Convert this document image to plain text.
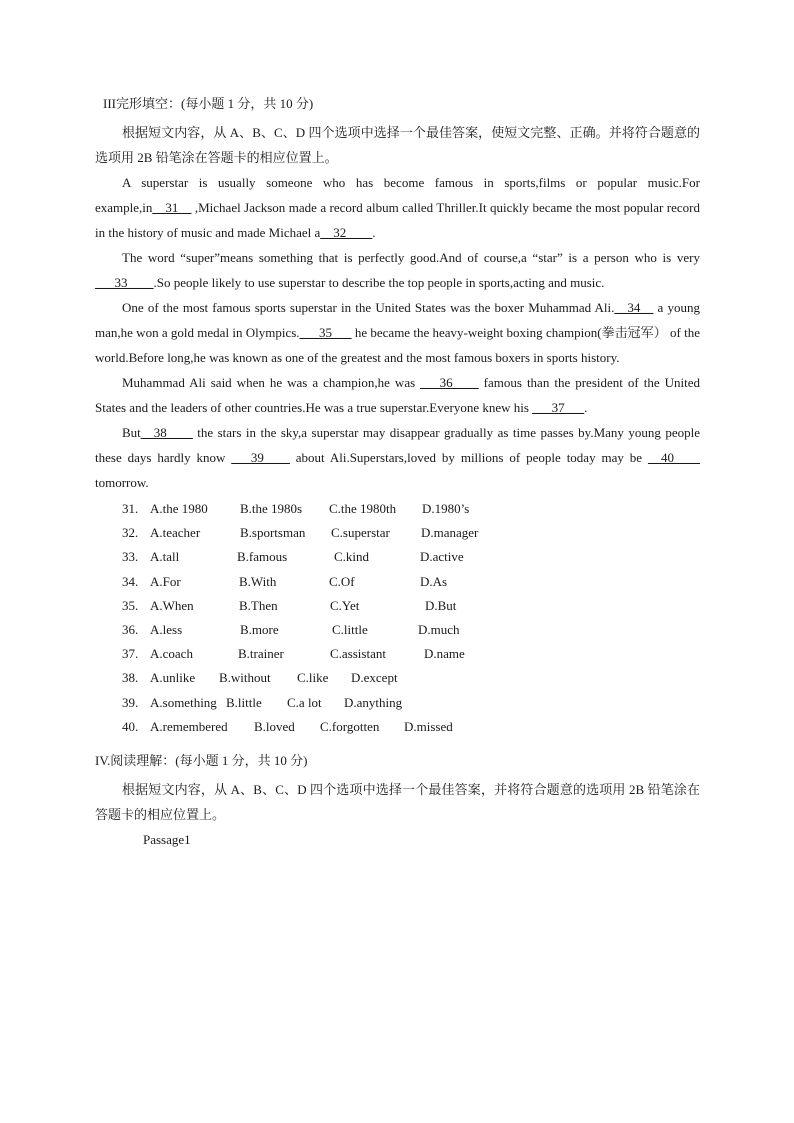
III完形填空：(每小题 1 分，共 10 分)

根据短文内容，从 A、B、C、D 四个选项中选择一个最佳答案，使短文完整、正确。并将符合题意的选项用 2B 铅笔涂在答题卡的相应位置上。

A superstar is usually someone who has become famous in sports,films or popular music.For example,in__31__ ,Michael Jackson made a record album called Thriller.It quickly became the most popular record in the history of music and made Michael a__32____.

The word “super”means something that is perfectly good.And of course,a “star” is a person who is very ___33____.So people likely to use superstar to describe the top people in sports,acting and music.

One of the most famous sports superstar in the United States was the boxer Muhammad Ali.__34__ a young man,he won a gold medal in Olympics.___35___ he became the heavy-weight boxing champion(拳击冠军） of the world.Before long,he was known as one of the greatest and the most famous boxers in sports history.

Muhammad Ali said when he was a champion,he was ___36____ famous than the president of the United States and the leaders of other countries.He was a true superstar.Everyone knew his ___37___.

But__38____ the stars in the sky,a superstar may disappear gradually as time passes by.Many young people these days hardly know ___39____ about Ali.Superstars,loved by millions of people today may be __40____ tomorrow.

31. A.the 1980	B.the 1980s	C.the 1980th	D.1980’s
32. A.teacher	B.sportsman	C.superstar	D.manager
33. A.tall	B.famous	C.kind	D.active
34. A.For	B.With	C.Of	D.As
35. A.When	B.Then	C.Yet	D.But
36. A.less	B.more	C.little	D.much
37. A.coach	B.trainer	C.assistant	D.name
38. A.unlike	B.without	C.like	D.except
39. A.something B.little	C.a lot	D.anything
40. A.remembered	B.loved	C.forgotten	D.missed
IV.阅读理解：(每小题 1 分，共 10 分)

根据短文内容，从 A、B、C、D 四个选项中选择一个最佳答案，并将符合题意的选项用 2B 铅笔涂在答题卡的相应位置上。

Passage1
